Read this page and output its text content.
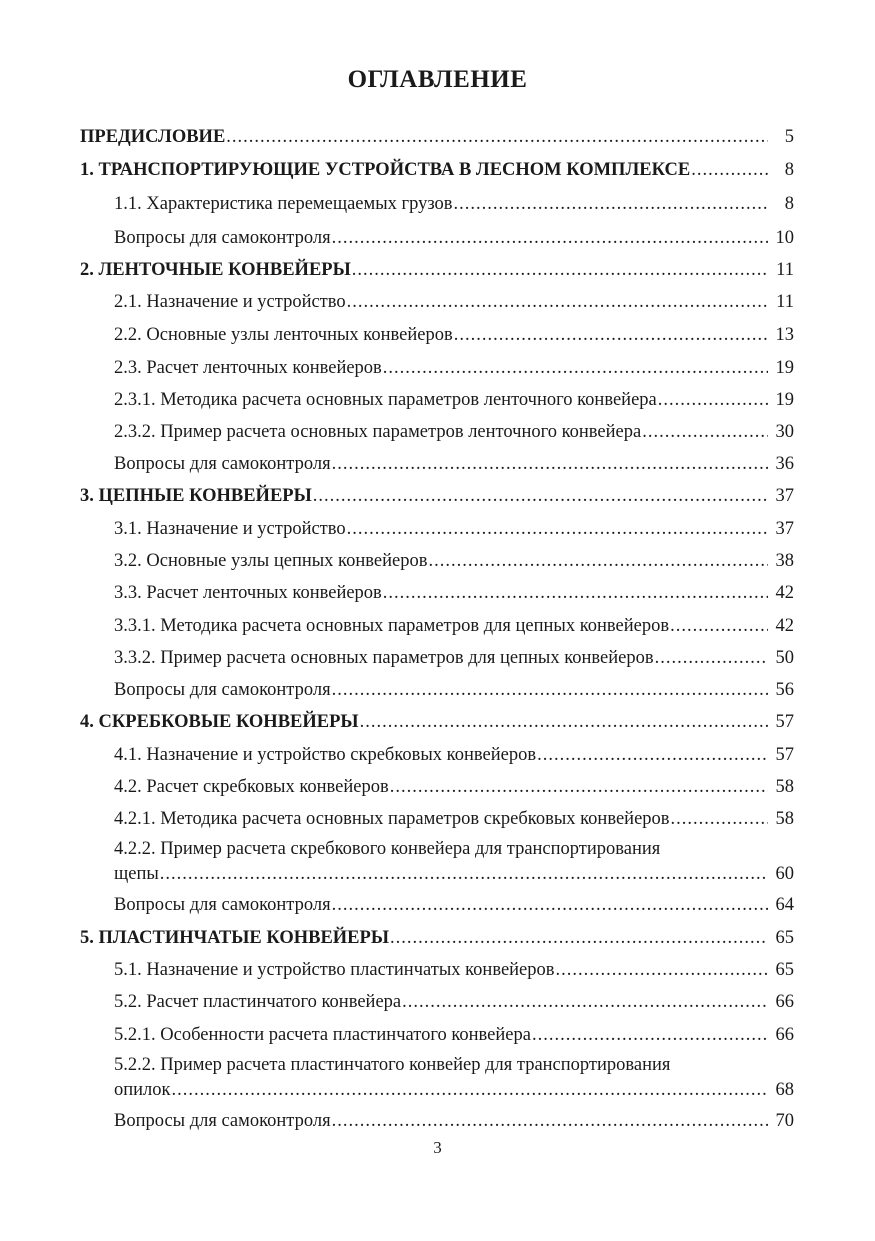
ОГЛАВЛЕНИЕ
ПРЕДИСЛОВИЕ .....	5
1. ТРАНСПОРТИРУЮЩИЕ УСТРОЙСТВА В ЛЕСНОМ КОМПЛЕКСЕ .....	8
1.1. Характеристика перемещаемых грузов .....	8
Вопросы для самоконтроля .....	10
2. ЛЕНТОЧНЫЕ КОНВЕЙЕРЫ .....	11
2.1. Назначение и устройство .....	11
2.2. Основные узлы ленточных конвейеров .....	13
2.3. Расчет ленточных конвейеров .....	19
2.3.1. Методика расчета основных параметров ленточного конвейера .....	19
2.3.2. Пример расчета основных параметров ленточного конвейера .....	30
Вопросы для самоконтроля .....	36
3. ЦЕПНЫЕ КОНВЕЙЕРЫ .....	37
3.1. Назначение и устройство .....	37
3.2. Основные узлы цепных конвейеров .....	38
3.3. Расчет ленточных конвейеров .....	42
3.3.1. Методика расчета основных параметров для цепных конвейеров .....	42
3.3.2. Пример расчета основных параметров для цепных конвейеров .....	50
Вопросы для самоконтроля .....	56
4. СКРЕБКОВЫЕ КОНВЕЙЕРЫ .....	57
4.1. Назначение и устройство скребковых конвейеров .....	57
4.2. Расчет скребковых конвейеров .....	58
4.2.1. Методика расчета основных параметров скребковых конвейеров .....	58
4.2.2. Пример расчета скребкового конвейера для транспортирования
щепы .....	60
Вопросы для самоконтроля .....	64
5. ПЛАСТИНЧАТЫЕ КОНВЕЙЕРЫ .....	65
5.1. Назначение и устройство пластинчатых конвейеров .....	65
5.2. Расчет пластинчатого конвейера .....	66
5.2.1. Особенности расчета пластинчатого конвейера .....	66
5.2.2. Пример расчета пластинчатого конвейер для транспортирования
опилок .....	68
Вопросы для самоконтроля .....	70
3
